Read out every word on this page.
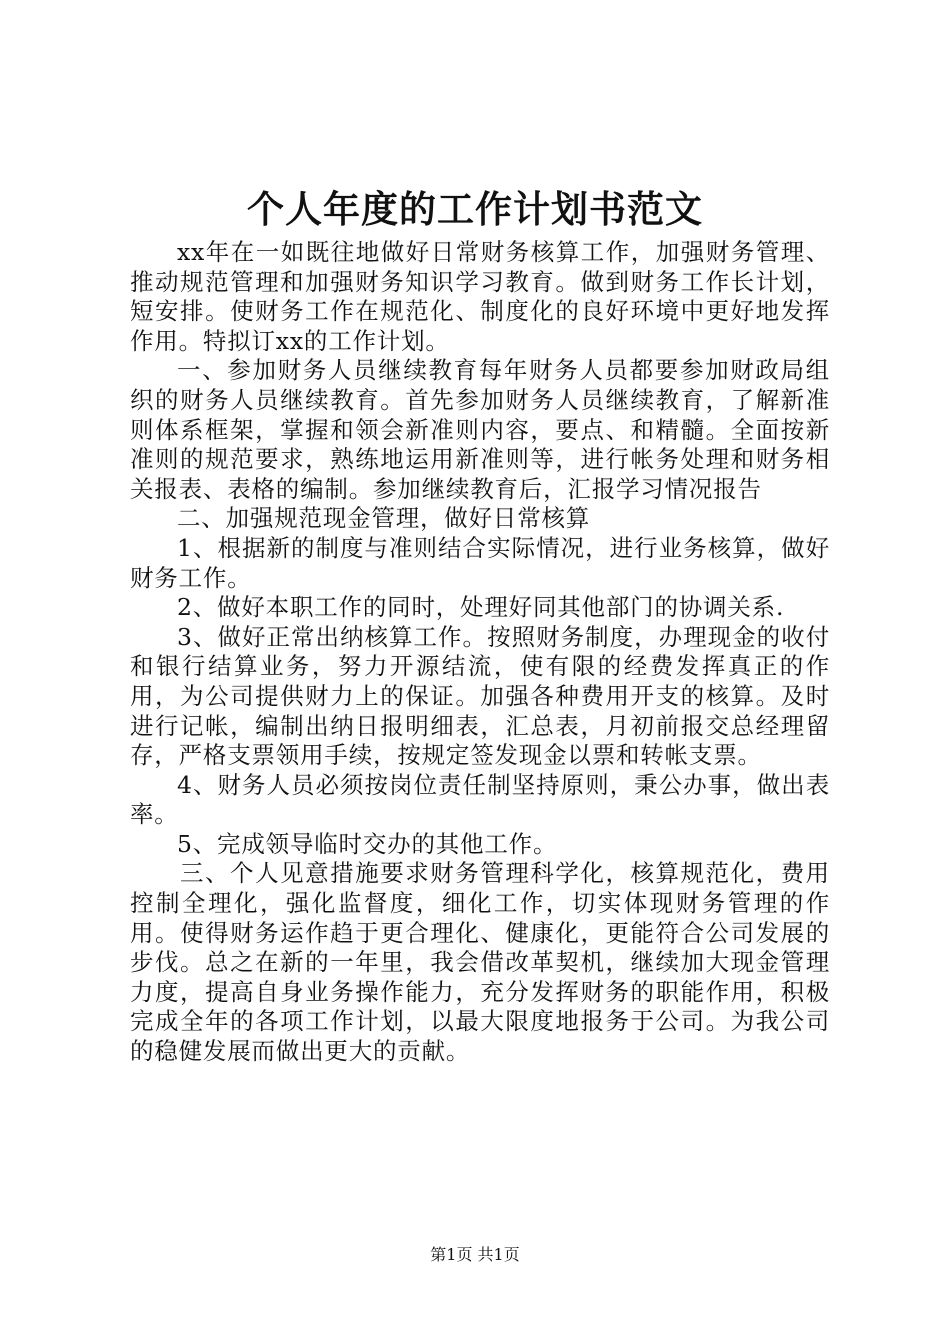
个人年度的工作计划书范文

xx年在一如既往地做好日常财务核算工作，加强财务管理、推动规范管理和加强财务知识学习教育。做到财务工作长计划，短安排。使财务工作在规范化、制度化的良好环境中更好地发挥作用。特拟订xx的工作计划。

一、参加财务人员继续教育每年财务人员都要参加财政局组织的财务人员继续教育。首先参加财务人员继续教育，了解新准则体系框架，掌握和领会新准则内容，要点、和精髓。全面按新准则的规范要求，熟练地运用新准则等，进行帐务处理和财务相关报表、表格的编制。参加继续教育后，汇报学习情况报告

二、加强规范现金管理，做好日常核算

1、根据新的制度与准则结合实际情况，进行业务核算，做好财务工作。

2、做好本职工作的同时，处理好同其他部门的协调关系.

3、做好正常出纳核算工作。按照财务制度，办理现金的收付和银行结算业务，努力开源结流，使有限的经费发挥真正的作用，为公司提供财力上的保证。加强各种费用开支的核算。及时进行记帐，编制出纳日报明细表，汇总表，月初前报交总经理留存，严格支票领用手续，按规定签发现金以票和转帐支票。

4、财务人员必须按岗位责任制坚持原则，秉公办事，做出表率。

5、完成领导临时交办的其他工作。

三、个人见意措施要求财务管理科学化，核算规范化，费用控制全理化，强化监督度，细化工作，切实体现财务管理的作用。使得财务运作趋于更合理化、健康化，更能符合公司发展的步伐。总之在新的一年里，我会借改革契机，继续加大现金管理力度，提高自身业务操作能力，充分发挥财务的职能作用，积极完成全年的各项工作计划，以最大限度地报务于公司。为我公司的稳健发展而做出更大的贡献。

第1页 共1页
